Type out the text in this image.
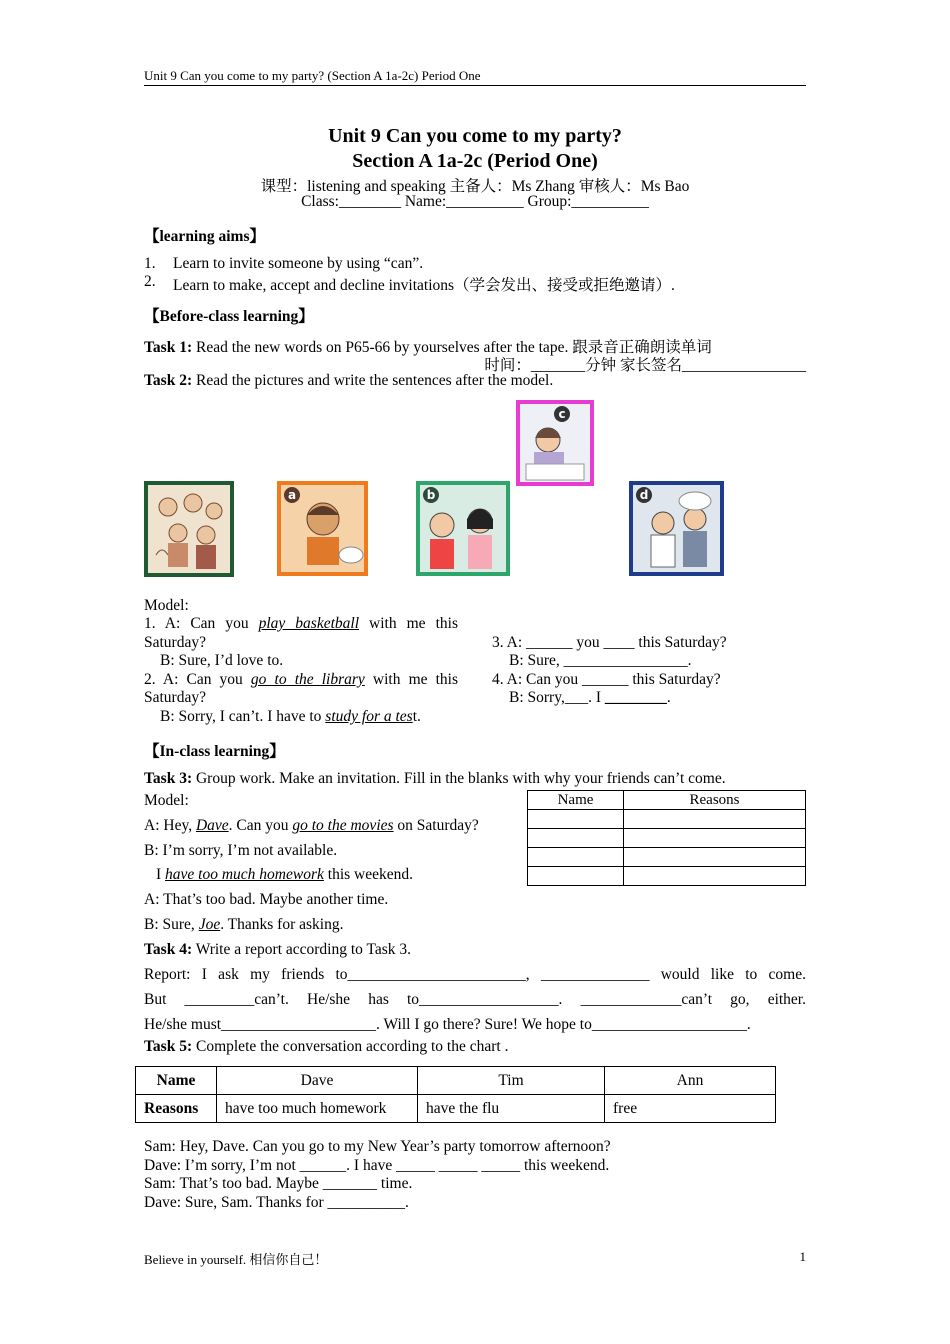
Unit 9 Can you come to my party? (Section A 1a-2c) Period One
Unit 9 Can you come to my party?
Section A 1a-2c (Period One)
课型：listening and speaking 主备人：Ms Zhang 审核人：Ms Bao
Class:________ Name:__________ Group:__________
【learning aims】
1. Learn to invite someone by using “can”.
2. Learn to make, accept and decline invitations（学会发出、接受或拒绝邀请）.
【Before-class learning】
Task 1: Read the new words on P65-66 by yourselves after the tape. 跟录音正确朗读单词
时间：_______分钟 家长签名________________
Task 2: Read the pictures and write the sentences after the model.
a	b
c
d
Model:
1. A: Can you play basketball with me this
Saturday?
B: Sure, I’d love to.
2. A: Can you go to the library with me this
Saturday?
B: Sorry, I can’t. I have to study for a test.
3. A: ______ you ____ this Saturday?
B: Sure, ________________.
4. A: Can you ______ this Saturday?
B: Sorry,___. I ________.
【In-class learning】
Task 3: Group work. Make an invitation. Fill in the blanks with why your friends can’t come.
Model:
A: Hey, Dave. Can you go to the movies on Saturday?
B: I’m sorry, I’m not available.
I have too much homework this weekend.
A: That’s too bad. Maybe another time.
B: Sure, Joe. Thanks for asking.
Name	Reasons

Task 4: Write a report according to Task 3.
Report: I ask my friends to_______________________, ______________ would like to come.
But _________can’t. He/she has to__________________. _____________can’t go, either.
He/she must____________________. Will I go there? Sure! We hope to____________________.
Task 5: Complete the conversation according to the chart .
Name	Dave	Tim	Ann
Reasons	have too much homework	have the flu	free
Sam: Hey, Dave. Can you go to my New Year’s party tomorrow afternoon?
Dave: I’m sorry, I’m not ______. I have _____ _____ _____ this weekend.
Sam: That’s too bad. Maybe _______ time.
Dave: Sure, Sam. Thanks for __________.
Believe in yourself. 相信你自己！	1
